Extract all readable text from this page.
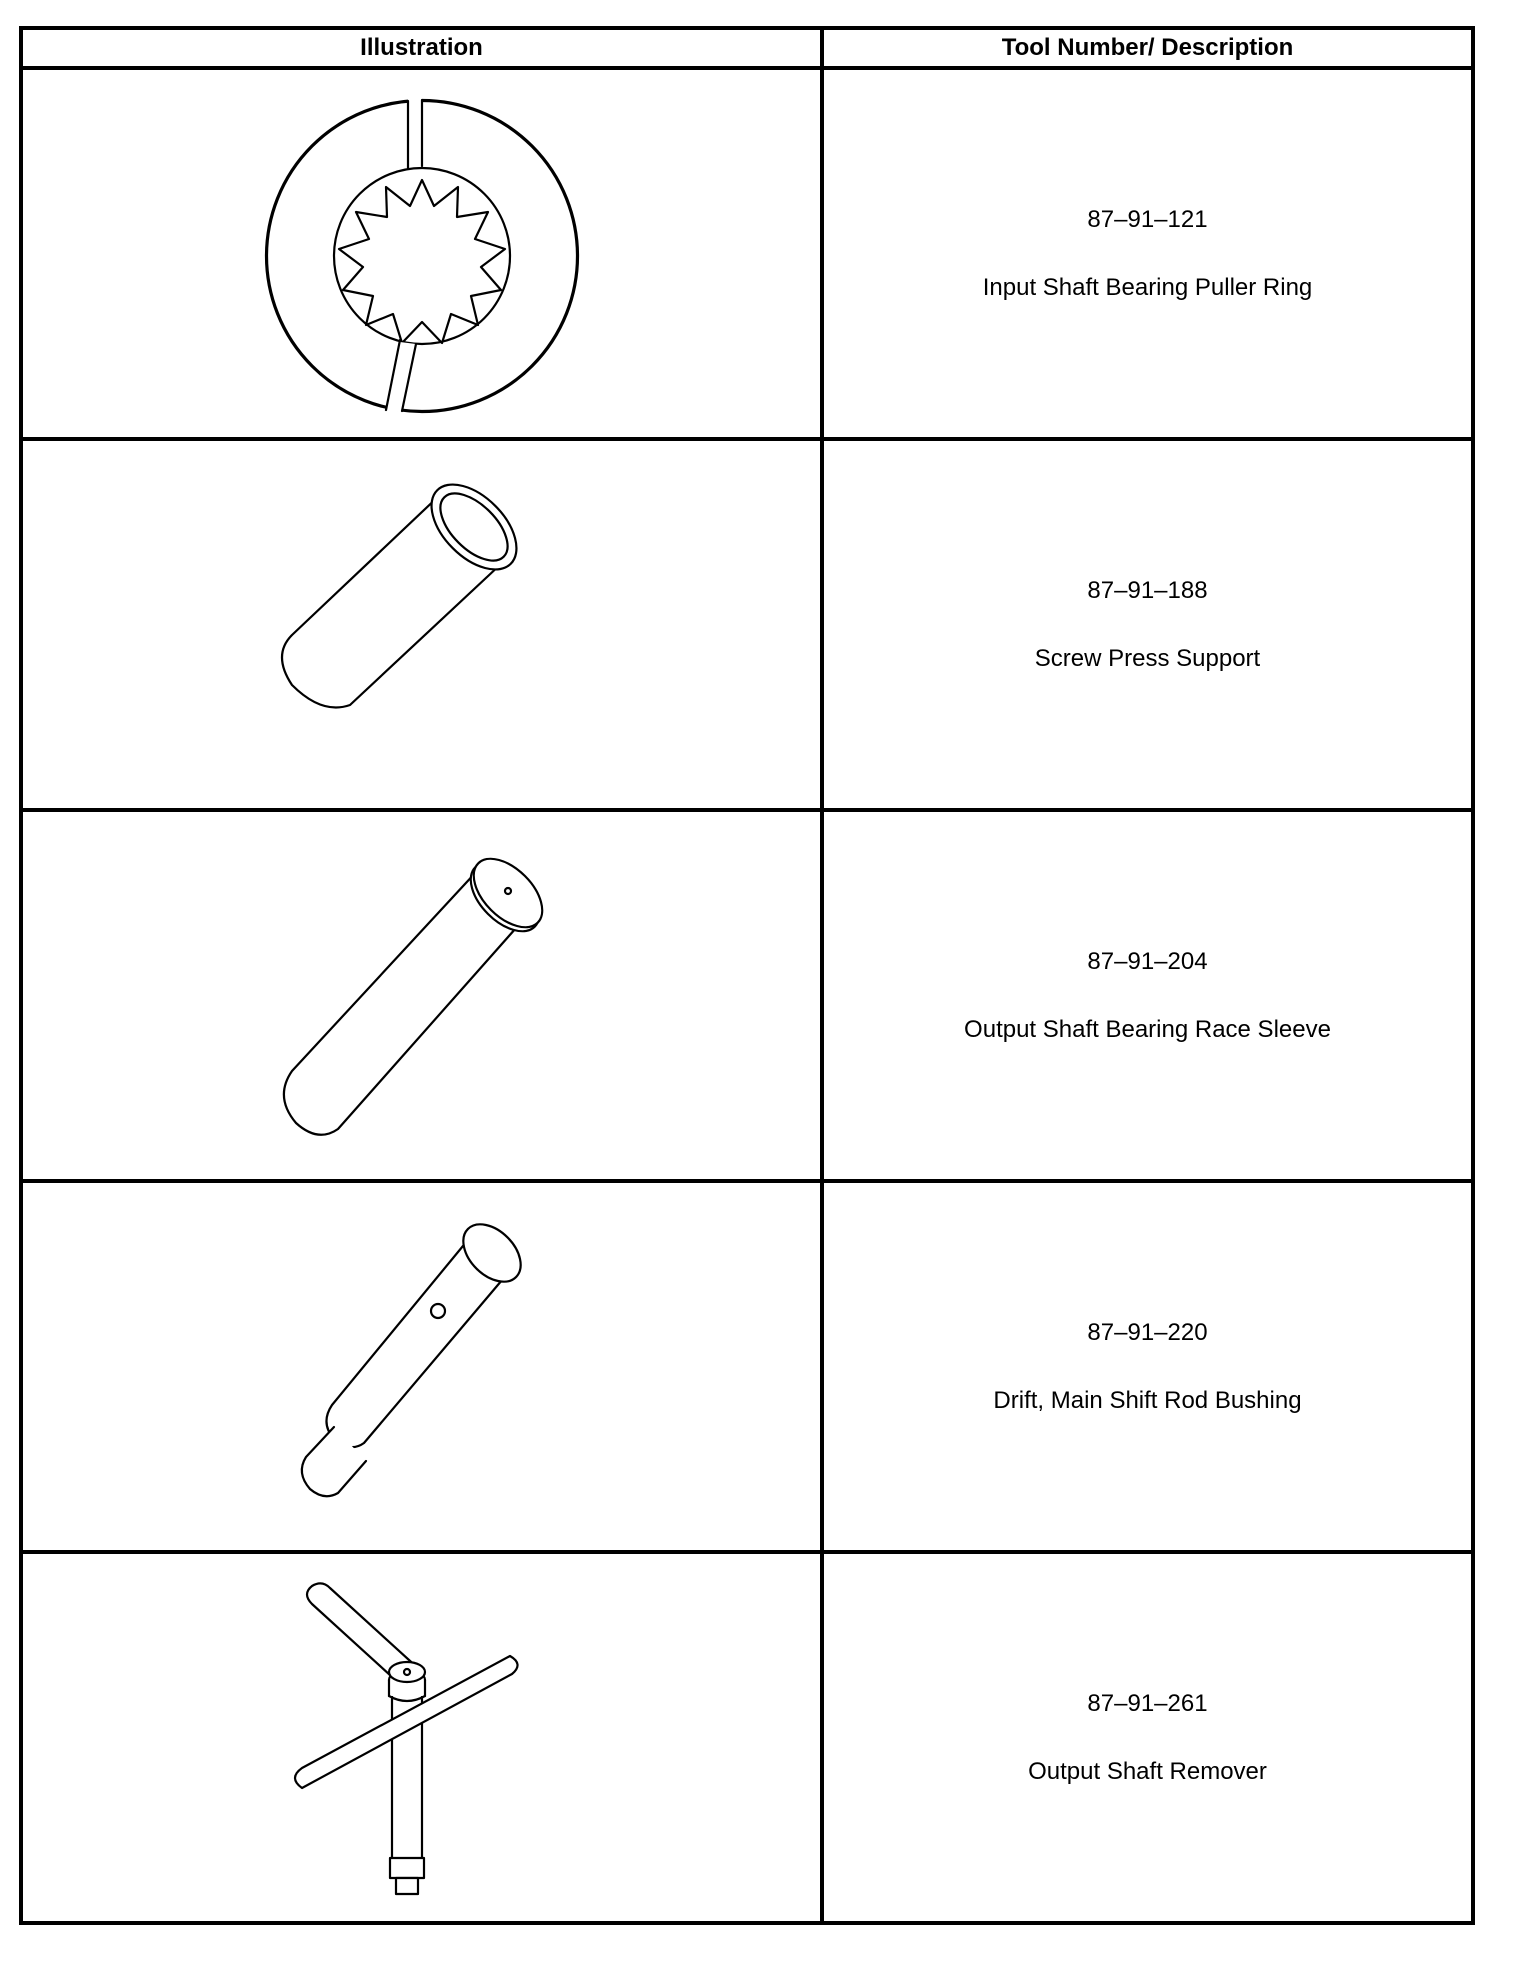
Illustration	Tool Number/ Description

87–91–121
Input Shaft Bearing Puller Ring

87–91–188
Screw Press Support

87–91–204
Output Shaft Bearing Race Sleeve

87–91–220
Drift, Main Shift Rod Bushing

87–91–261
Output Shaft Remover
